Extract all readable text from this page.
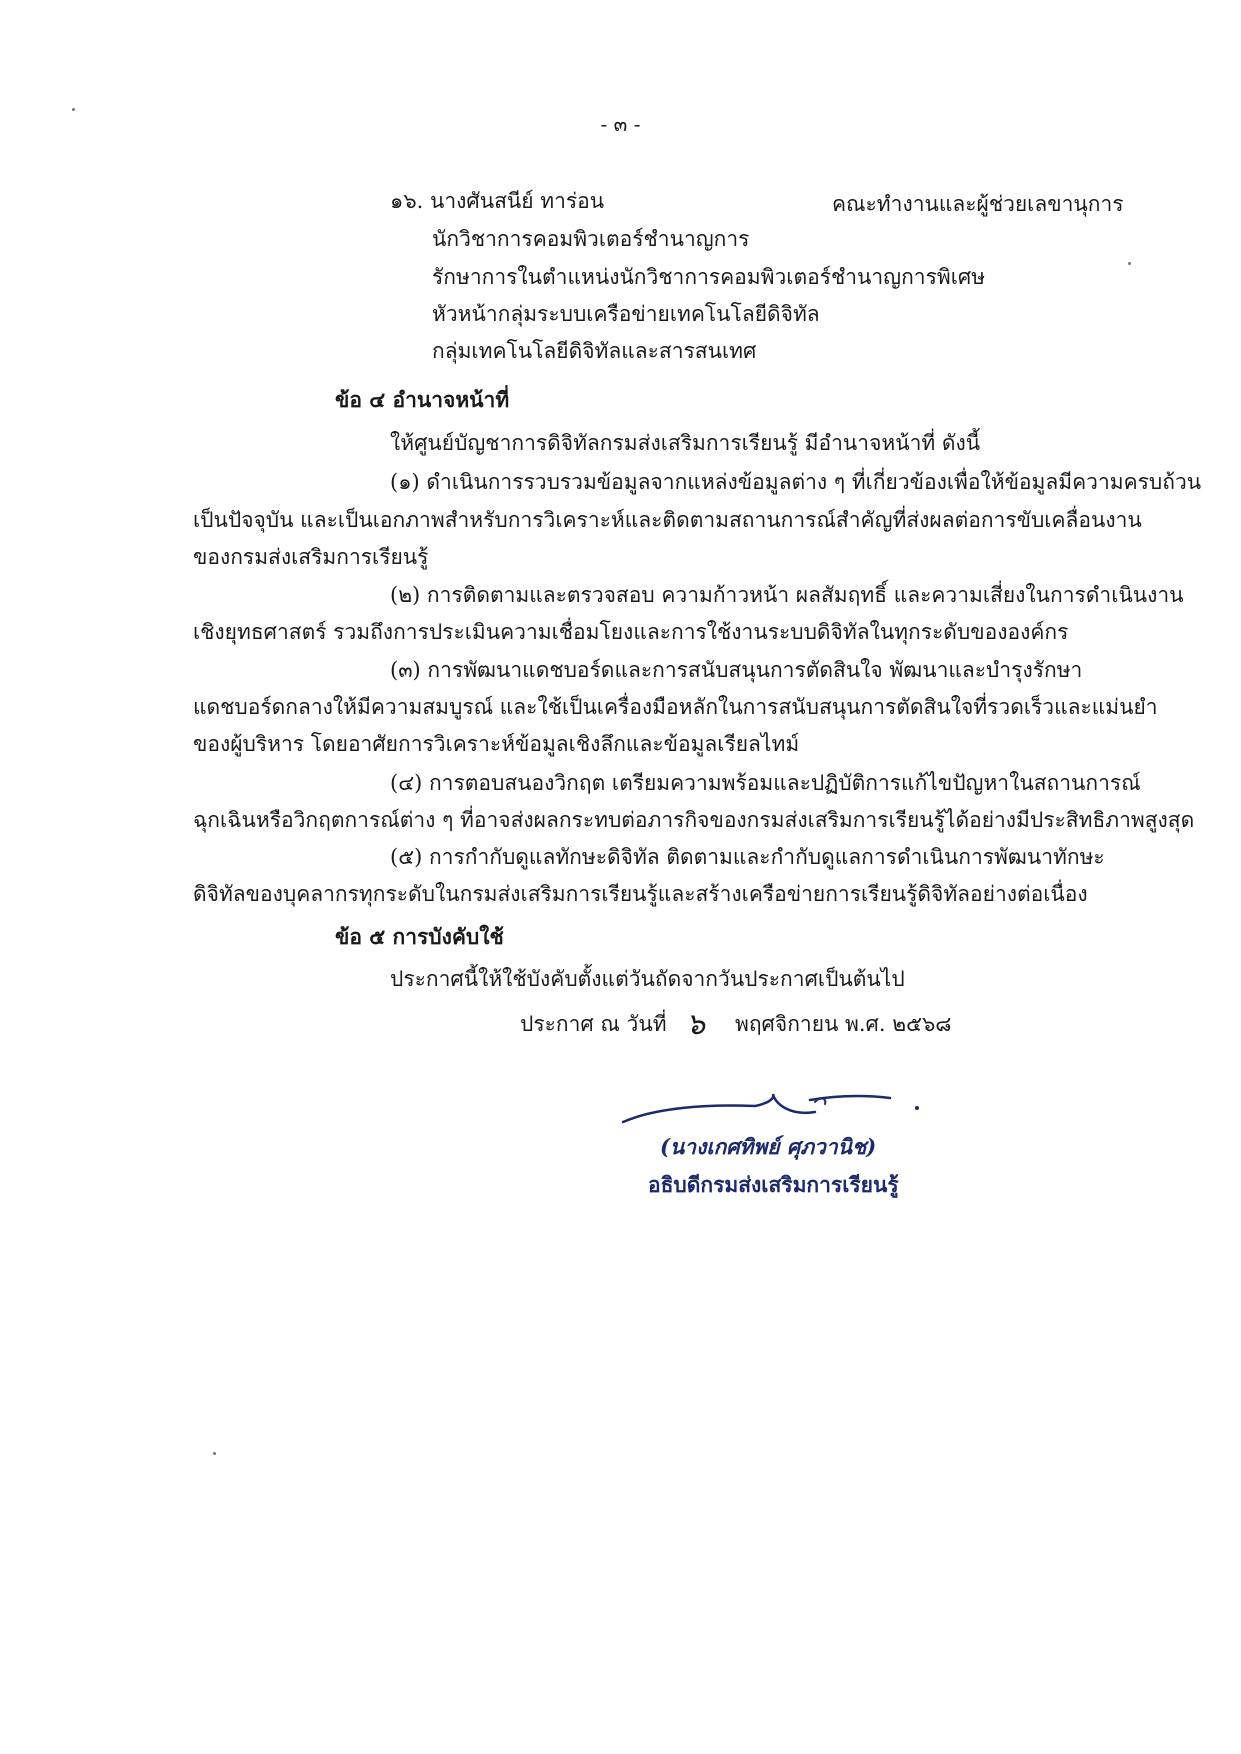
- ๓ -
๑๖. นางศันสนีย์ ทาร่อน	คณะทำงานและผู้ช่วยเลขานุการ
นักวิชาการคอมพิวเตอร์ชำนาญการ
รักษาการในตำแหน่งนักวิชาการคอมพิวเตอร์ชำนาญการพิเศษ
หัวหน้ากลุ่มระบบเครือข่ายเทคโนโลยีดิจิทัล
กลุ่มเทคโนโลยีดิจิทัลและสารสนเทศ
ข้อ ๔ อำนาจหน้าที่
ให้ศูนย์บัญชาการดิจิทัลกรมส่งเสริมการเรียนรู้ มีอำนาจหน้าที่ ดังนี้
(๑) ดำเนินการรวบรวมข้อมูลจากแหล่งข้อมูลต่าง ๆ ที่เกี่ยวข้องเพื่อให้ข้อมูลมีความครบถ้วน
เป็นปัจจุบัน และเป็นเอกภาพสำหรับการวิเคราะห์และติดตามสถานการณ์สำคัญที่ส่งผลต่อการขับเคลื่อนงาน
ของกรมส่งเสริมการเรียนรู้
(๒) การติดตามและตรวจสอบ ความก้าวหน้า ผลสัมฤทธิ์ และความเสี่ยงในการดำเนินงาน
เชิงยุทธศาสตร์ รวมถึงการประเมินความเชื่อมโยงและการใช้งานระบบดิจิทัลในทุกระดับขององค์กร
(๓) การพัฒนาแดชบอร์ดและการสนับสนุนการตัดสินใจ พัฒนาและบำรุงรักษา
แดชบอร์ดกลางให้มีความสมบูรณ์ และใช้เป็นเครื่องมือหลักในการสนับสนุนการตัดสินใจที่รวดเร็วและแม่นยำ
ของผู้บริหาร โดยอาศัยการวิเคราะห์ข้อมูลเชิงลึกและข้อมูลเรียลไทม์
(๔) การตอบสนองวิกฤต เตรียมความพร้อมและปฏิบัติการแก้ไขปัญหาในสถานการณ์
ฉุกเฉินหรือวิกฤตการณ์ต่าง ๆ ที่อาจส่งผลกระทบต่อภารกิจของกรมส่งเสริมการเรียนรู้ได้อย่างมีประสิทธิภาพสูงสุด
(๕) การกำกับดูแลทักษะดิจิทัล ติดตามและกำกับดูแลการดำเนินการพัฒนาทักษะ
ดิจิทัลของบุคลากรทุกระดับในกรมส่งเสริมการเรียนรู้และสร้างเครือข่ายการเรียนรู้ดิจิทัลอย่างต่อเนื่อง
ข้อ ๕ การบังคับใช้
ประกาศนี้ให้ใช้บังคับตั้งแต่วันถัดจากวันประกาศเป็นต้นไป
ประกาศ ณ วันที่ ๖ พฤศจิกายน พ.ศ. ๒๕๖๘
(นางเกศทิพย์ ศุภวานิช)
อธิบดีกรมส่งเสริมการเรียนรู้
